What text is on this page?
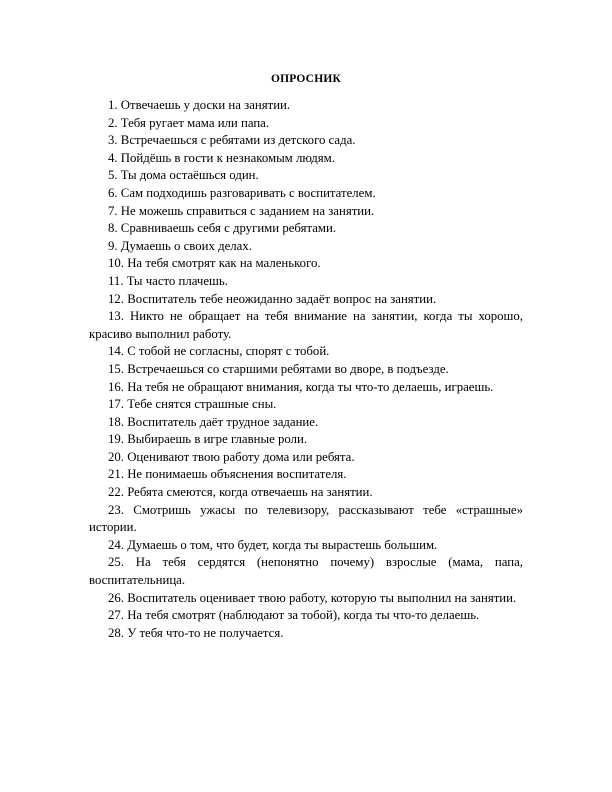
ОПРОСНИК
1. Отвечаешь у доски на занятии.
2. Тебя ругает мама или папа.
3. Встречаешься с ребятами из детского сада.
4. Пойдёшь в гости к незнакомым людям.
5. Ты дома остаёшься один.
6. Сам подходишь разговаривать с воспитателем.
7. Не можешь справиться с заданием на занятии.
8. Сравниваешь себя с другими ребятами.
9. Думаешь о своих делах.
10. На тебя смотрят как на маленького.
11. Ты часто плачешь.
12. Воспитатель тебе неожиданно задаёт вопрос на занятии.
13. Никто не обращает на тебя внимание на занятии, когда ты хорошо, красиво выполнил работу.
14. С тобой не согласны, спорят с тобой.
15. Встречаешься со старшими ребятами во дворе, в подъезде.
16. На тебя не обращают внимания, когда ты что-то делаешь, играешь.
17. Тебе снятся страшные сны.
18. Воспитатель даёт трудное задание.
19. Выбираешь в игре главные роли.
20. Оценивают твою работу дома или ребята.
21. Не понимаешь объяснения воспитателя.
22. Ребята смеются, когда отвечаешь на занятии.
23. Смотришь ужасы по телевизору, рассказывают тебе «страшные» истории.
24. Думаешь о том, что будет, когда ты вырастешь большим.
25. На тебя сердятся (непонятно почему) взрослые (мама, папа, воспитательница.
26. Воспитатель оценивает твою работу, которую ты выполнил на занятии.
27. На тебя смотрят (наблюдают за тобой), когда ты что-то делаешь.
28. У тебя что-то не получается.
